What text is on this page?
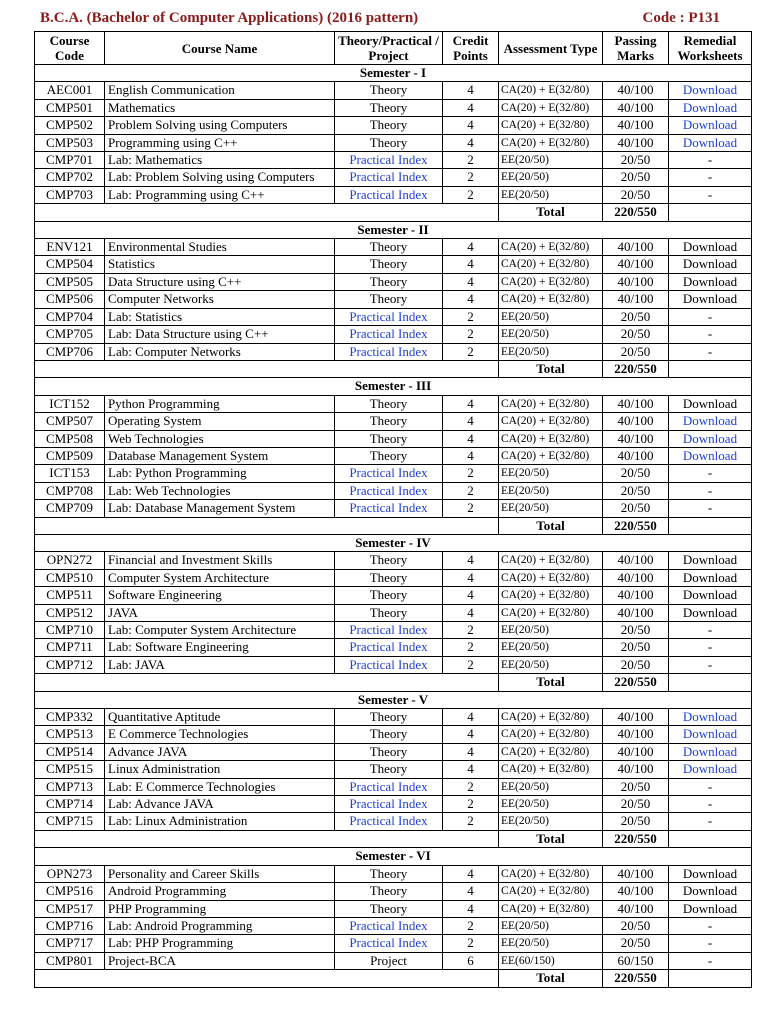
B.C.A. (Bachelor of Computer Applications) (2016 pattern)	Code : P131
Course Code	Course Name	Theory/Practical / Project	Credit Points	Assessment Type	Passing Marks	Remedial Worksheets
Semester - I						
AEC001	English Communication	Theory	4	CA(20) + E(32/80)	40/100	Download
CMP501	Mathematics	Theory	4	CA(20) + E(32/80)	40/100	Download
CMP502	Problem Solving using Computers	Theory	4	CA(20) + E(32/80)	40/100	Download
CMP503	Programming using C++	Theory	4	CA(20) + E(32/80)	40/100	Download
CMP701	Lab: Mathematics	Practical Index	2	EE(20/50)	20/50	-
CMP702	Lab: Problem Solving using Computers	Practical Index	2	EE(20/50)	20/50	-
CMP703	Lab: Programming using C++	Practical Index	2	EE(20/50)	20/50	-
				Total	220/550	
Semester - II						
ENV121	Environmental Studies	Theory	4	CA(20) + E(32/80)	40/100	Download
CMP504	Statistics	Theory	4	CA(20) + E(32/80)	40/100	Download
CMP505	Data Structure using C++	Theory	4	CA(20) + E(32/80)	40/100	Download
CMP506	Computer Networks	Theory	4	CA(20) + E(32/80)	40/100	Download
CMP704	Lab: Statistics	Practical Index	2	EE(20/50)	20/50	-
CMP705	Lab: Data Structure using C++	Practical Index	2	EE(20/50)	20/50	-
CMP706	Lab: Computer Networks	Practical Index	2	EE(20/50)	20/50	-
				Total	220/550	
Semester - III						
ICT152	Python Programming	Theory	4	CA(20) + E(32/80)	40/100	Download
CMP507	Operating System	Theory	4	CA(20) + E(32/80)	40/100	Download
CMP508	Web Technologies	Theory	4	CA(20) + E(32/80)	40/100	Download
CMP509	Database Management System	Theory	4	CA(20) + E(32/80)	40/100	Download
ICT153	Lab: Python Programming	Practical Index	2	EE(20/50)	20/50	-
CMP708	Lab: Web Technologies	Practical Index	2	EE(20/50)	20/50	-
CMP709	Lab: Database Management System	Practical Index	2	EE(20/50)	20/50	-
				Total	220/550	
Semester - IV						
OPN272	Financial and Investment Skills	Theory	4	CA(20) + E(32/80)	40/100	Download
CMP510	Computer System Architecture	Theory	4	CA(20) + E(32/80)	40/100	Download
CMP511	Software Engineering	Theory	4	CA(20) + E(32/80)	40/100	Download
CMP512	JAVA	Theory	4	CA(20) + E(32/80)	40/100	Download
CMP710	Lab: Computer System Architecture	Practical Index	2	EE(20/50)	20/50	-
CMP711	Lab: Software Engineering	Practical Index	2	EE(20/50)	20/50	-
CMP712	Lab: JAVA	Practical Index	2	EE(20/50)	20/50	-
				Total	220/550	
Semester - V						
CMP332	Quantitative Aptitude	Theory	4	CA(20) + E(32/80)	40/100	Download
CMP513	E Commerce Technologies	Theory	4	CA(20) + E(32/80)	40/100	Download
CMP514	Advance JAVA	Theory	4	CA(20) + E(32/80)	40/100	Download
CMP515	Linux Administration	Theory	4	CA(20) + E(32/80)	40/100	Download
CMP713	Lab: E Commerce Technologies	Practical Index	2	EE(20/50)	20/50	-
CMP714	Lab: Advance JAVA	Practical Index	2	EE(20/50)	20/50	-
CMP715	Lab: Linux Administration	Practical Index	2	EE(20/50)	20/50	-
				Total	220/550	
Semester - VI						
OPN273	Personality and Career Skills	Theory	4	CA(20) + E(32/80)	40/100	Download
CMP516	Android Programming	Theory	4	CA(20) + E(32/80)	40/100	Download
CMP517	PHP Programming	Theory	4	CA(20) + E(32/80)	40/100	Download
CMP716	Lab: Android Programming	Practical Index	2	EE(20/50)	20/50	-
CMP717	Lab: PHP Programming	Practical Index	2	EE(20/50)	20/50	-
CMP801	Project-BCA	Project	6	EE(60/150)	60/150	-
				Total	220/550	
